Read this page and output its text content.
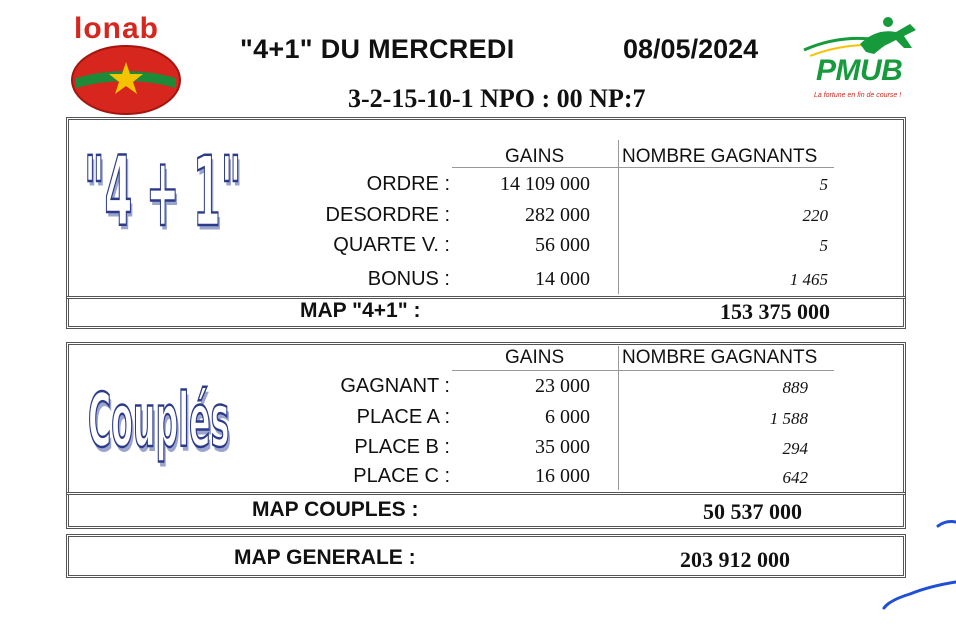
lonab
"4+1" DU MERCREDI	08/05/2024
3-2-15-10-1 NPO : 00 NP:7
PMUB
La fortune en fin de course !
"4 + 1"	GAINS	NOMBRE GAGNANTS
ORDRE :	14 109 000	5
DESORDRE :	282 000	220
QUARTE V. :	56 000	5
BONUS :	14 000	1 465
MAP "4+1" :	153 375 000
Couplés
GAINS	NOMBRE GAGNANTS
GAGNANT :	23 000	889
PLACE A :	6 000	1 588
PLACE B :	35 000	294
PLACE C :	16 000	642
MAP COUPLES :	50 537 000
MAP GENERALE :	203 912 000
